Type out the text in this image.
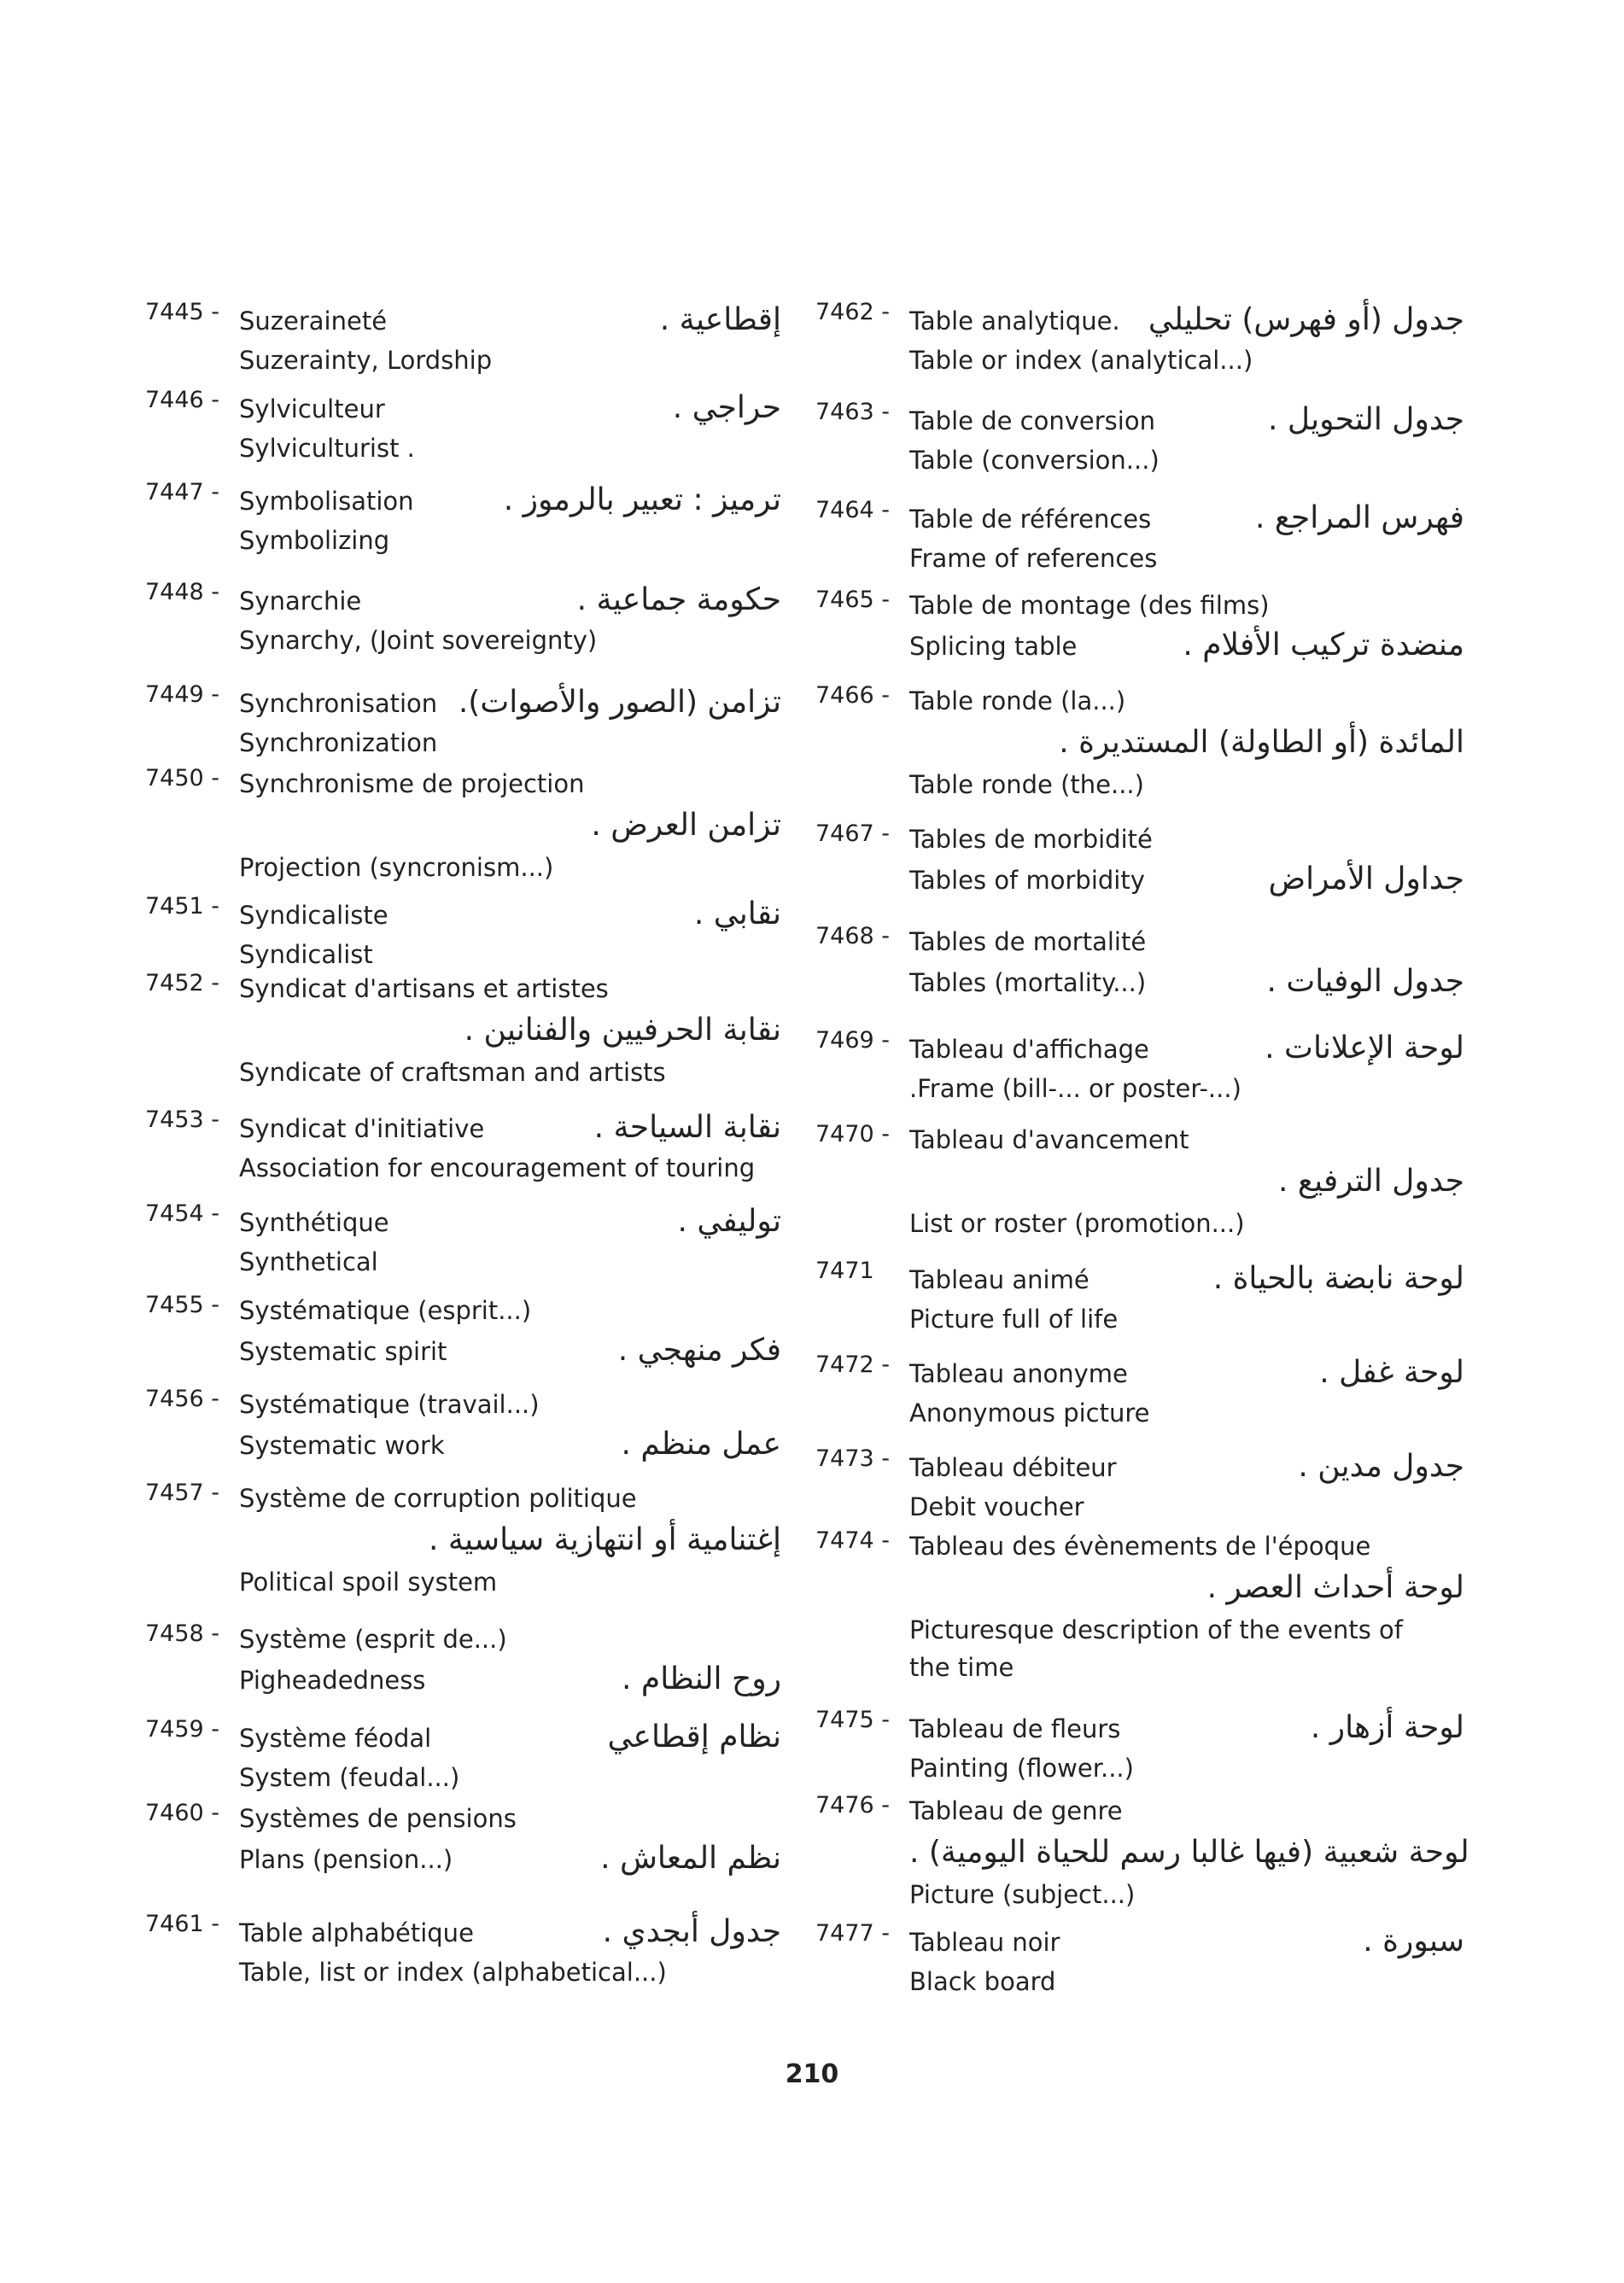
7445 - Suzeraineté	إقطاعية .
Suzerainty, Lordship
7446 - Sylviculteur	حراجي .
Sylviculturist .
7447 - Symbolisation	ترميز : تعبير بالرموز .
Symbolizing
7448 - Synarchie	حكومة جماعية .
Synarchy, (Joint sovereignty)
7449 - Synchronisation تزامن (الصور والأصوات).
Synchronization
7450 - Synchronisme de projection
تزامن العرض .
Projection (syncronism...)
7451 - Syndicaliste	نقابي .
Syndicalist
7452 - Syndicat d'artisans et artistes
نقابة الحرفيين والفنانين .
Syndicate of craftsman and artists
7453 - Syndicat d'initiative	نقابة السياحة .
Association for encouragement of touring
7454 - Synthétique	توليفي .
Synthetical
7455 - Systématique (esprit...)
Systematic spirit	فكر منهجي .
7456 - Systématique (travail...)
Systematic work	عمل منظم .
7457 - Système de corruption politique
إغتنامية أو انتهازية سياسية .
Political spoil system
7458 - Système (esprit de...)
Pigheadedness	روح النظام .
7459 - Système féodal	نظام إقطاعي
System (feudal...)
7460 - Systèmes de pensions
Plans (pension...)	نظم المعاش .
7461 - Table alphabétique	جدول أبجدي .
Table, list or index (alphabetical...)
7462 - Table analytique. جدول (أو فهرس) تحليلي
Table or index (analytical...)
7463 - Table de conversion	جدول التحويل .
Table (conversion...)
7464 - Table de références	فهرس المراجع .
Frame of references
7465 - Table de montage (des films)
Splicing table	منضدة تركيب الأفلام .
7466 - Table ronde (la...)
المائدة (أو الطاولة) المستديرة .
Table ronde (the...)
7467 - Tables de morbidité
Tables of morbidity	جداول الأمراض
7468 - Tables de mortalité
Tables (mortality...)	جدول الوفيات .
7469 - Tableau d'affichage	لوحة الإعلانات .
.Frame (bill-... or poster-...)
7470 - Tableau d'avancement
جدول الترفيع .
List or roster (promotion...)
7471 Tableau animé	لوحة نابضة بالحياة .
Picture full of life
7472 - Tableau anonyme	لوحة غفل .
Anonymous picture
7473 - Tableau débiteur	جدول مدين .
Debit voucher
7474 - Tableau des évènements de l'époque
لوحة أحداث العصر .
Picturesque description of the events of
the time
7475 - Tableau de fleurs	لوحة أزهار .
Painting (flower...)
7476 - Tableau de genre
لوحة شعبية (فيها غالبا رسم للحياة اليومية) .
Picture (subject...)
7477 - Tableau noir	سبورة .
Black board
210
